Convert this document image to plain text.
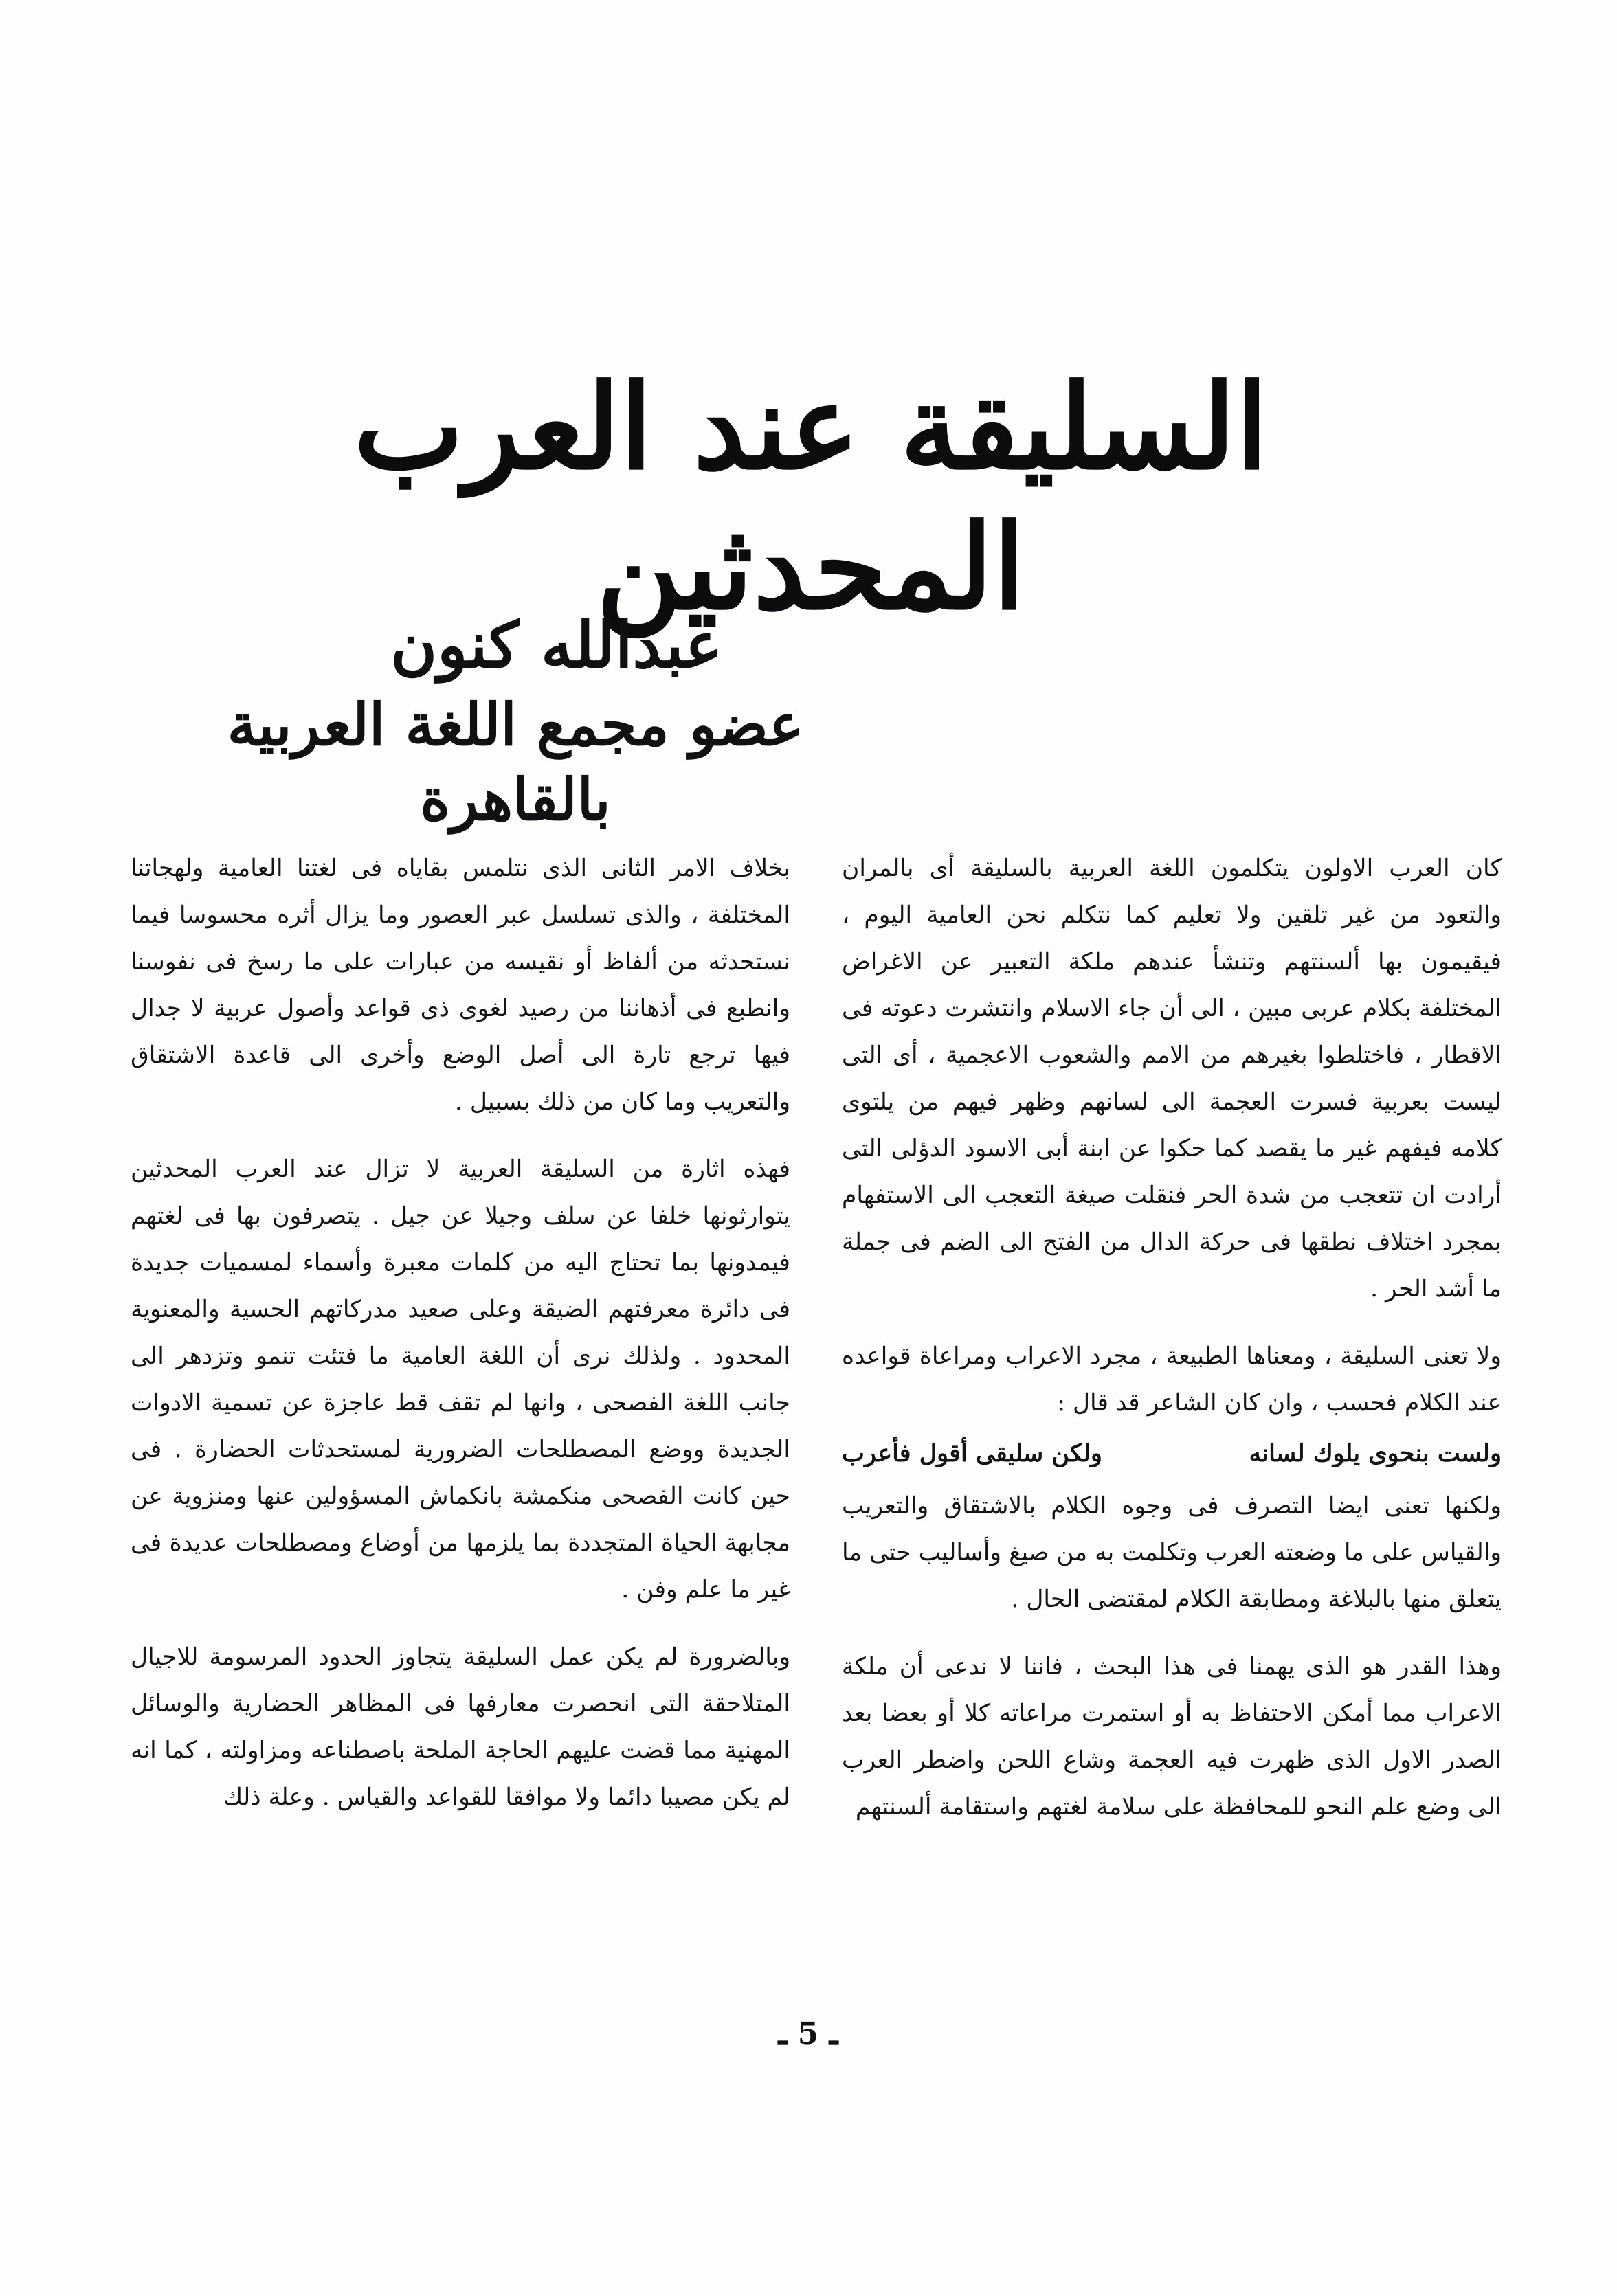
السليقة عند العرب المحدثين
عبدالله كنون
عضو مجمع اللغة العربية بالقاهرة

كان العرب الاولون يتكلمون اللغة العربية بالسليقة أى بالمران والتعود من غير تلقين ولا تعليم كما نتكلم نحن العامية اليوم ، فيقيمون بها ألسنتهم وتنشأ عندهم ملكة التعبير عن الاغراض المختلفة بكلام عربى مبين ، الى أن جاء الاسلام وانتشرت دعوته فى الاقطار ، فاختلطوا بغيرهم من الامم والشعوب الاعجمية ، أى التى ليست بعربية فسرت العجمة الى لسانهم وظهر فيهم من يلتوى كلامه فيفهم غير ما يقصد كما حكوا عن ابنة أبى الاسود الدؤلى التى أرادت ان تتعجب من شدة الحر فنقلت صيغة التعجب الى الاستفهام بمجرد اختلاف نطقها فى حركة الدال من الفتح الى الضم فى جملة ما أشد الحر .

ولا تعنى السليقة ، ومعناها الطبيعة ، مجرد الاعراب ومراعاة قواعده عند الكلام فحسب ، وان كان الشاعر قد قال :

ولست بنحوى يلوك لسانه
ولكن سليقى أقول فأعرب

ولكنها تعنى ايضا التصرف فى وجوه الكلام بالاشتقاق والتعريب والقياس على ما وضعته العرب وتكلمت به من صيغ وأساليب حتى ما يتعلق منها بالبلاغة ومطابقة الكلام لمقتضى الحال .

وهذا القدر هو الذى يهمنا فى هذا البحث ، فاننا لا ندعى أن ملكة الاعراب مما أمكن الاحتفاظ به أو استمرت مراعاته كلا أو بعضا بعد الصدر الاول الذى ظهرت فيه العجمة وشاع اللحن واضطر العرب الى وضع علم النحو للمحافظة على سلامة لغتهم واستقامة ألسنتهم

بخلاف الامر الثانى الذى نتلمس بقاياه فى لغتنا العامية ولهجاتنا المختلفة ، والذى تسلسل عبر العصور وما يزال أثره محسوسا فيما نستحدثه من ألفاظ أو نقيسه من عبارات على ما رسخ فى نفوسنا وانطبع فى أذهاننا من رصيد لغوى ذى قواعد وأصول عربية لا جدال فيها ترجع تارة الى أصل الوضع وأخرى الى قاعدة الاشتقاق والتعريب وما كان من ذلك بسبيل .

فهذه اثارة من السليقة العربية لا تزال عند العرب المحدثين يتوارثونها خلفا عن سلف وجيلا عن جيل . يتصرفون بها فى لغتهم فيمدونها بما تحتاج اليه من كلمات معبرة وأسماء لمسميات جديدة فى دائرة معرفتهم الضيقة وعلى صعيد مدركاتهم الحسية والمعنوية المحدود . ولذلك نرى أن اللغة العامية ما فتئت تنمو وتزدهر الى جانب اللغة الفصحى ، وانها لم تقف قط عاجزة عن تسمية الادوات الجديدة ووضع المصطلحات الضرورية لمستحدثات الحضارة . فى حين كانت الفصحى منكمشة بانكماش المسؤولين عنها ومنزوية عن مجابهة الحياة المتجددة بما يلزمها من أوضاع ومصطلحات عديدة فى غير ما علم وفن .

وبالضرورة لم يكن عمل السليقة يتجاوز الحدود المرسومة للاجيال المتلاحقة التى انحصرت معارفها فى المظاهر الحضارية والوسائل المهنية مما قضت عليهم الحاجة الملحة باصطناعه ومزاولته ، كما انه لم يكن مصيبا دائما ولا موافقا للقواعد والقياس . وعلة ذلك

ـ 5 ـ
